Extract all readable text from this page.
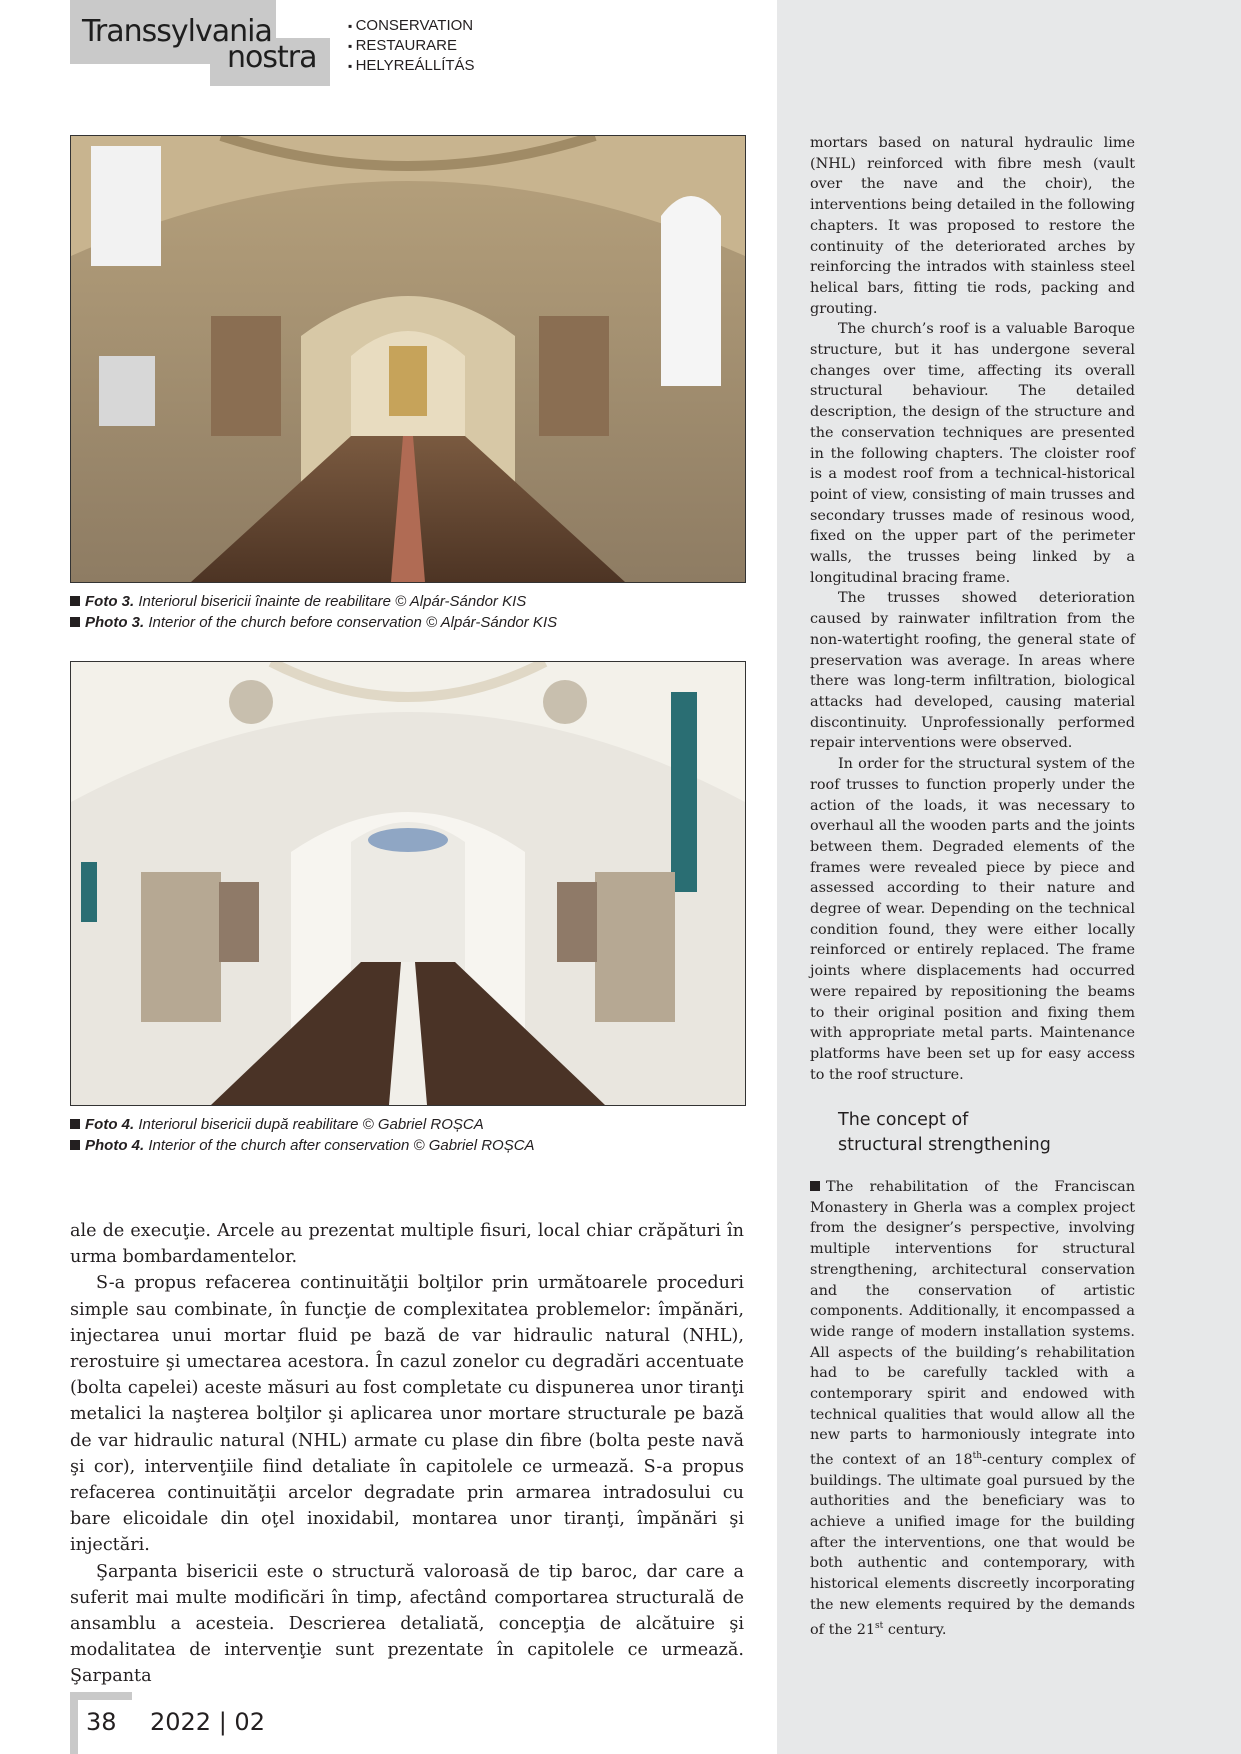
Transsylvania
nostra
▪ CONSERVATION
▪ RESTAURARE
▪ HELYREÁLLÍTÁS
Foto 3. Interiorul bisericii înainte de reabilitare © Alpár-Sándor KIS
Photo 3. Interior of the church before conservation © Alpár-Sándor KIS
Foto 4. Interiorul bisericii după reabilitare © Gabriel ROȘCA
Photo 4. Interior of the church after conservation © Gabriel ROȘCA

ale de execuţie. Arcele au prezentat multiple fisuri, local chiar crăpături în urma bombardamentelor.

S-a propus refacerea continuităţii bolţilor prin următoarele proceduri simple sau combinate, în funcţie de complexitatea problemelor: împănări, injectarea unui mortar fluid pe bază de var hidraulic natural (NHL), rerostuire şi umectarea acestora. În cazul zonelor cu degradări accentuate (bolta capelei) aceste măsuri au fost completate cu dispunerea unor tiranţi metalici la naşterea bolţilor şi aplicarea unor mortare structurale pe bază de var hidraulic natural (NHL) armate cu plase din fibre (bolta peste navă şi cor), intervenţiile fiind detaliate în capitolele ce urmează. S-a propus refacerea continuităţii arcelor degradate prin armarea intradosului cu bare elicoidale din oţel inoxidabil, montarea unor tiranţi, împănări şi injectări.

Şarpanta bisericii este o structură valoroasă de tip baroc, dar care a suferit mai multe modificări în timp, afectând comportarea structurală de ansamblu a acesteia. Descrierea detaliată, concepţia de alcătuire şi modalitatea de intervenţie sunt prezentate în capitolele ce urmează. Şarpanta

mortars based on natural hydraulic lime (NHL) reinforced with fibre mesh (vault over the nave and the choir), the interventions being detailed in the following chapters. It was proposed to restore the continuity of the deteriorated arches by reinforcing the intrados with stainless steel helical bars, fitting tie rods, packing and grouting.

The church’s roof is a valuable Baroque structure, but it has undergone several changes over time, affecting its overall structural behaviour. The detailed description, the design of the structure and the conservation techniques are presented in the following chapters. The cloister roof is a modest roof from a technical-historical point of view, consisting of main trusses and secondary trusses made of resinous wood, fixed on the upper part of the perimeter walls, the trusses being linked by a longitudinal bracing frame.

The trusses showed deterioration caused by rainwater infiltration from the non-watertight roofing, the general state of preservation was average. In areas where there was long-term infiltration, biological attacks had developed, causing material discontinuity. Unprofessionally performed repair interventions were observed.

In order for the structural system of the roof trusses to function properly under the action of the loads, it was necessary to overhaul all the wooden parts and the joints between them. Degraded elements of the frames were revealed piece by piece and assessed according to their nature and degree of wear. Depending on the technical condition found, they were either locally reinforced or entirely replaced. The frame joints where displacements had occurred were repaired by repositioning the beams to their original position and fixing them with appropriate metal parts. Maintenance platforms have been set up for easy access to the roof structure.

The concept of
structural strengthening

The rehabilitation of the Franciscan Monastery in Gherla was a complex project from the designer’s perspective, involving multiple interventions for structural strengthening, architectural conservation and the conservation of artistic components. Additionally, it encompassed a wide range of modern installation systems. All aspects of the building’s rehabilitation had to be carefully tackled with a contemporary spirit and endowed with technical qualities that would allow all the new parts to harmoniously integrate into the context of an 18th-century complex of buildings. The ultimate goal pursued by the authorities and the beneficiary was to achieve a unified image for the building after the interventions, one that would be both authentic and contemporary, with historical elements discreetly incorporating the new elements required by the demands of the 21st century.

38 2022 | 02
